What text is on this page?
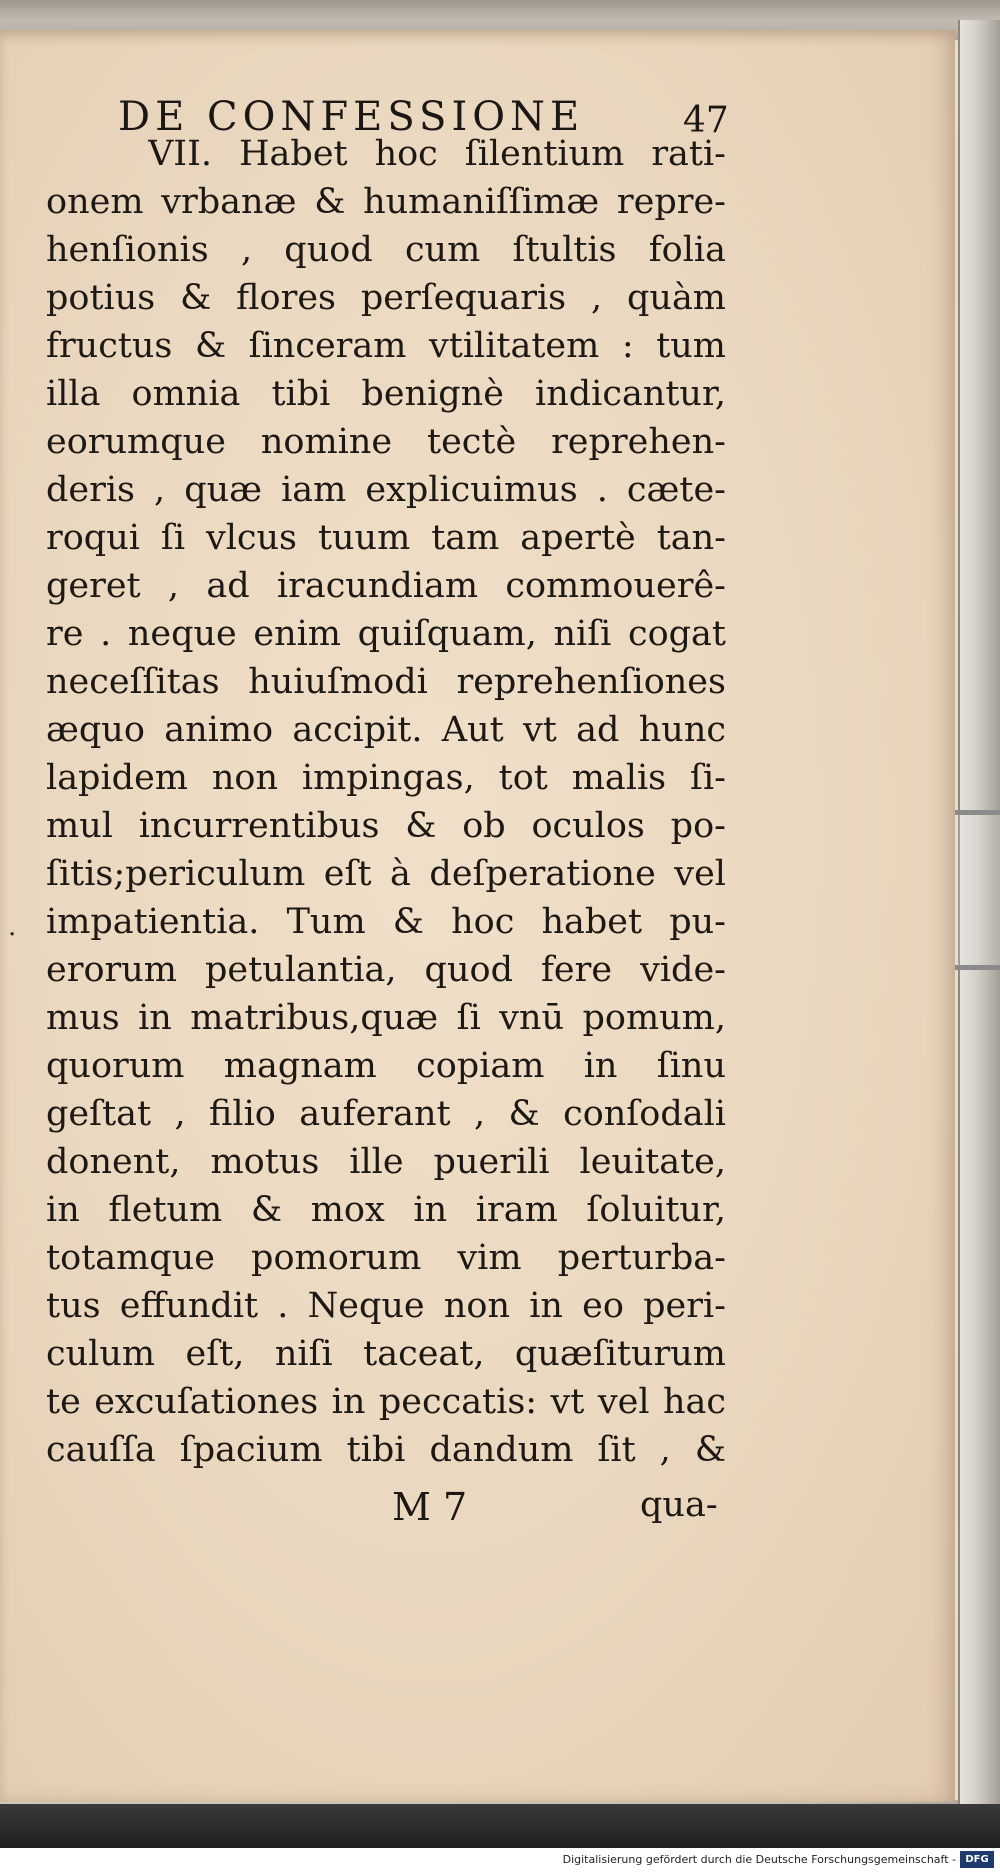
DE CONFESSIONE	47
VII. Habet hoc ſilentium rati-
onem vrbanæ & humaniſſimæ repre-
henſionis , quod cum ſtultis folia
potius & flores perſequaris , quàm
fructus & ſinceram vtilitatem : tum
illa omnia tibi benignè indicantur,
eorumque nomine tectè reprehen-
deris , quæ iam explicuimus . cæte-
roqui ſi vlcus tuum tam apertè tan-
geret , ad iracundiam commouerê-
re . neque enim quiſquam, niſi cogat
neceſſitas huiuſmodi reprehenſiones
æquo animo accipit. Aut vt ad hunc
lapidem non impingas, tot malis ſi-
mul incurrentibus & ob oculos po-
ſitis;periculum eſt à deſperatione vel
impatientia. Tum & hoc habet pu-
erorum petulantia, quod fere vide-
mus in matribus,quæ ſi vnū pomum,
quorum magnam copiam in ſinu
geſtat , filio auferant , & conſodali
donent, motus ille puerili leuitate,
in fletum & mox in iram ſoluitur,
totamque pomorum vim perturba-
tus effundit . Neque non in eo peri-
culum eſt, niſi taceat, quæſiturum
te excuſationes in peccatis: vt vel hac
cauſſa ſpacium tibi dandum ſit , &
·
M 7	qua-
Digitalisierung gefördert durch die Deutsche Forschungsgemeinschaft - DFG
